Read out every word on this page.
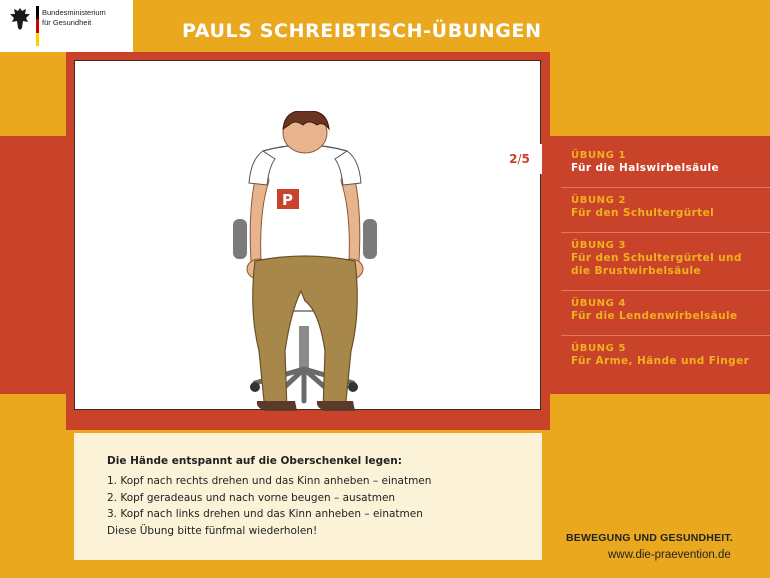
Bundesministerium
für Gesundheit	PAULS SCHREIBTISCH-ÜBUNGEN
P
2/5	ÜBUNG 1
Für die Halswirbelsäule
ÜBUNG 2
Für den Schultergürtel
ÜBUNG 3
Für den Schultergürtel und
die Brustwirbelsäule
ÜBUNG 4
Für die Lendenwirbelsäule
ÜBUNG 5
Für Arme, Hände und Finger
Die Hände entspannt auf die Oberschenkel legen:
1. Kopf nach rechts drehen und das Kinn anheben – einatmen
2. Kopf geradeaus und nach vorne beugen – ausatmen
3. Kopf nach links drehen und das Kinn anheben – einatmen
Diese Übung bitte fünfmal wiederholen!
BEWEGUNG UND GESUNDHEIT.
www.die-praevention.de
